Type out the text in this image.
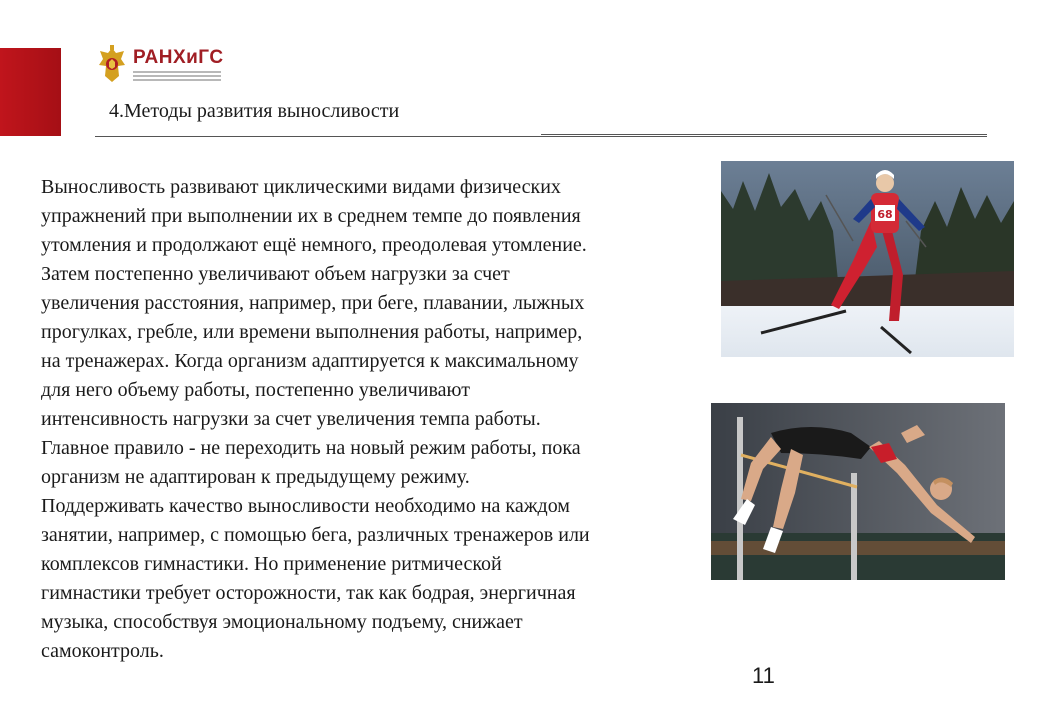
РАНХиГС
4.Методы развития выносливости

Выносливость развивают циклическими видами физических
упражнений при выполнении их в среднем темпе до появления
утомления и продолжают ещё немного, преодолевая утомление.
Затем постепенно увеличивают объем нагрузки за счет
увеличения расстояния, например, при беге, плавании, лыжных
прогулках, гребле, или времени выполнения работы, например,
на тренажерах. Когда организм адаптируется к максимальному
для него объему работы, постепенно увеличивают
интенсивность нагрузки за счет увеличения темпа работы.
Главное правило - не переходить на новый режим работы, пока
организм не адаптирован к предыдущему режиму.
Поддерживать качество выносливости необходимо на каждом
занятии, например, с помощью бега, различных тренажеров или
комплексов гимнастики. Но применение ритмической
гимнастики требует осторожности, так как бодрая, энергичная
музыка, способствуя эмоциональному подъему, снижает
самоконтроль.

68
11
